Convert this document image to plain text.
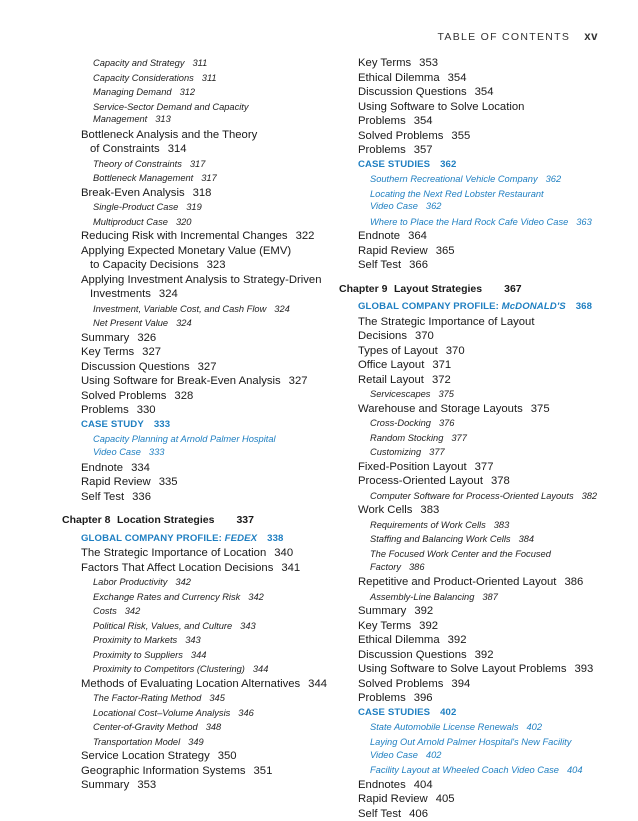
TABLE OF CONTENTS xv
Capacity and Strategy 311
Capacity Considerations 311
Managing Demand 312
Service-Sector Demand and Capacity
Management 313
Bottleneck Analysis and the Theory
of Constraints 314
Theory of Constraints 317
Bottleneck Management 317
Break-Even Analysis 318
Single-Product Case 319
Multiproduct Case 320
Reducing Risk with Incremental Changes 322
Applying Expected Monetary Value (EMV)
to Capacity Decisions 323
Applying Investment Analysis to Strategy-Driven
Investments 324
Investment, Variable Cost, and Cash Flow 324
Net Present Value 324
Summary 326
Key Terms 327
Discussion Questions 327
Using Software for Break-Even Analysis 327
Solved Problems 328
Problems 330
CASE STUDY 333
Capacity Planning at Arnold Palmer Hospital
Video Case 333
Endnote 334
Rapid Review 335
Self Test 336
Chapter 8 Location Strategies 337
GLOBAL COMPANY PROFILE: FEDEX 338
The Strategic Importance of Location 340
Factors That Affect Location Decisions 341
Labor Productivity 342
Exchange Rates and Currency Risk 342
Costs 342
Political Risk, Values, and Culture 343
Proximity to Markets 343
Proximity to Suppliers 344
Proximity to Competitors (Clustering) 344
Methods of Evaluating Location Alternatives 344
The Factor-Rating Method 345
Locational Cost–Volume Analysis 346
Center-of-Gravity Method 348
Transportation Model 349
Service Location Strategy 350
Geographic Information Systems 351
Summary 353
Key Terms 353
Ethical Dilemma 354
Discussion Questions 354
Using Software to Solve Location Problems 354
Solved Problems 355
Problems 357
CASE STUDIES 362
Southern Recreational Vehicle Company 362
Locating the Next Red Lobster Restaurant
Video Case 362
Where to Place the Hard Rock Cafe Video Case 363
Endnote 364
Rapid Review 365
Self Test 366
Chapter 9 Layout Strategies 367
GLOBAL COMPANY PROFILE: McDONALD'S 368
The Strategic Importance of Layout Decisions 370
Types of Layout 370
Office Layout 371
Retail Layout 372
Servicescapes 375
Warehouse and Storage Layouts 375
Cross-Docking 376
Random Stocking 377
Customizing 377
Fixed-Position Layout 377
Process-Oriented Layout 378
Computer Software for Process-Oriented Layouts 382
Work Cells 383
Requirements of Work Cells 383
Staffing and Balancing Work Cells 384
The Focused Work Center and the Focused
Factory 386
Repetitive and Product-Oriented Layout 386
Assembly-Line Balancing 387
Summary 392
Key Terms 392
Ethical Dilemma 392
Discussion Questions 392
Using Software to Solve Layout Problems 393
Solved Problems 394
Problems 396
CASE STUDIES 402
State Automobile License Renewals 402
Laying Out Arnold Palmer Hospital's New Facility
Video Case 402
Facility Layout at Wheeled Coach Video Case 404
Endnotes 404
Rapid Review 405
Self Test 406
